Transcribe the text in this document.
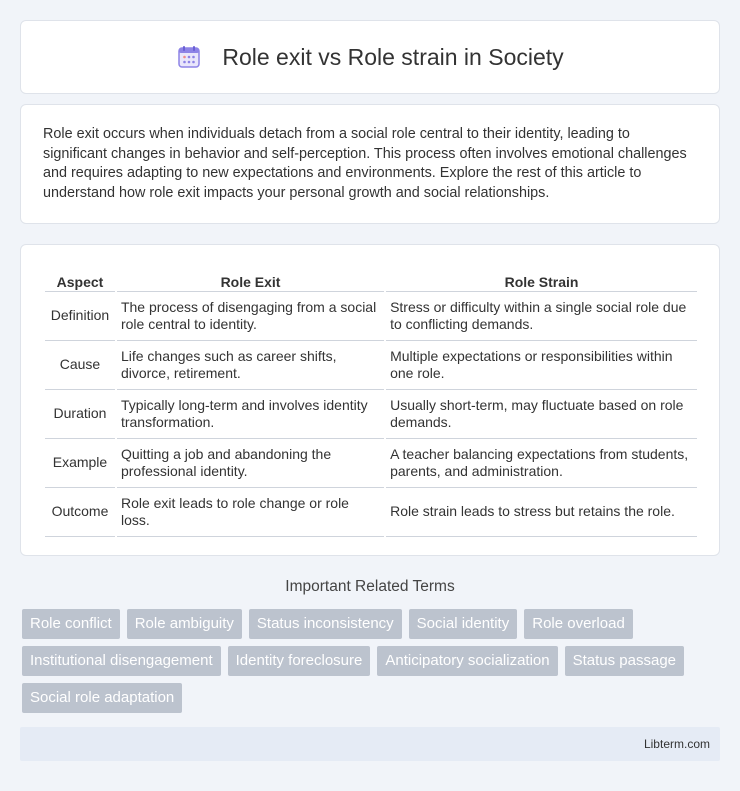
Role exit vs Role strain in Society

Role exit occurs when individuals detach from a social role central to their identity, leading to significant changes in behavior and self-perception. This process often involves emotional challenges and requires adapting to new expectations and environments. Explore the rest of this article to understand how role exit impacts your personal growth and social relationships.

Aspect	Role Exit	Role Strain
Definition	The process of disengaging from a social role central to identity.	Stress or difficulty within a single social role due to conflicting demands.
Cause	Life changes such as career shifts, divorce, retirement.	Multiple expectations or responsibilities within one role.
Duration	Typically long-term and involves identity transformation.	Usually short-term, may fluctuate based on role demands.
Example	Quitting a job and abandoning the professional identity.	A teacher balancing expectations from students, parents, and administration.
Outcome	Role exit leads to role change or role loss.	Role strain leads to stress but retains the role.
Important Related Terms
Role conflict	Role ambiguity	Status inconsistency	Social identity	Role overload
Institutional disengagement	Identity foreclosure	Anticipatory socialization	Status passage
Social role adaptation
Libterm.com
